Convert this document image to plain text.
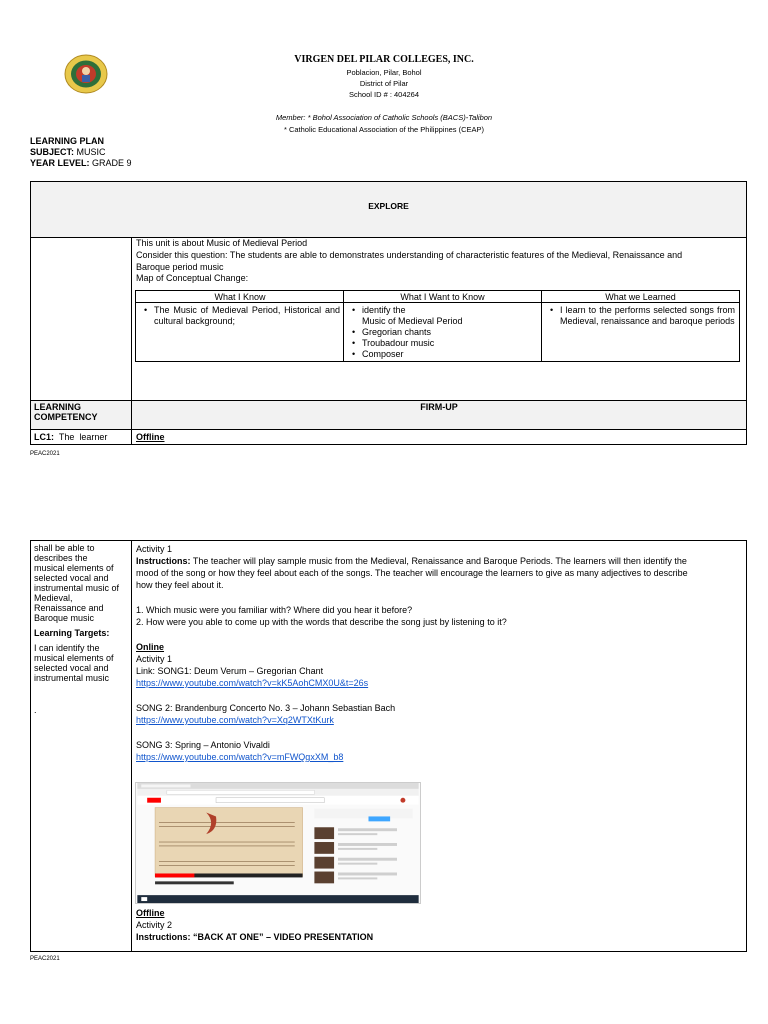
VIRGEN DEL PILAR COLLEGES, INC.
Poblacion, Pilar, Bohol
District of Pilar
School ID # : 404264
Member: * Bohol Association of Catholic Schools (BACS)-Talibon
* Catholic Educational Association of the Philippines (CEAP)
LEARNING PLAN
SUBJECT: MUSIC
YEAR LEVEL: GRADE 9
EXPLORE
This unit is about Music of Medieval Period
Consider this question: The students are able to demonstrates understanding of characteristic features of the Medieval, Renaissance and
Baroque period music
Map of Conceptual Change:
What I Know
• The Music of Medieval Period, Historical and cultural background;
What I Want to Know
• identify the
Music of Medieval Period
• Gregorian chants
• Troubadour music
• Composer
What we Learned
• I learn to the performs selected songs from Medieval, renaissance and baroque periods
LEARNING COMPETENCY
FIRM-UP
LC1:  The  learner	Offline
PEAC2021
shall be able to
describes the
musical elements of
selected vocal and
instrumental music of
Medieval,
Renaissance and
Baroque music
Learning Targets:
I can identify the
musical elements of
selected vocal and
instrumental music
.
Activity 1
Instructions: The teacher will play sample music from the Medieval, Renaissance and Baroque Periods. The learners will then identify the
mood of the song or how they feel about each of the songs. The teacher will encourage the learners to give as many adjectives to describe
how they feel about it.
1. Which music were you familiar with? Where did you hear it before?
2. How were you able to come up with the words that describe the song just by listening to it?
Online
Activity 1
Link: SONG1: Deum Verum – Gregorian Chant
https://www.youtube.com/watch?v=kK5AohCMX0U&t=26s
SONG 2: Brandenburg Concerto No. 3 – Johann Sebastian Bach
https://www.youtube.com/watch?v=Xq2WTXtKurk
SONG 3: Spring – Antonio Vivaldi
https://www.youtube.com/watch?v=mFWQgxXM_b8
Offline
Activity 2
Instructions: “BACK AT ONE” – VIDEO PRESENTATION
PEAC2021
